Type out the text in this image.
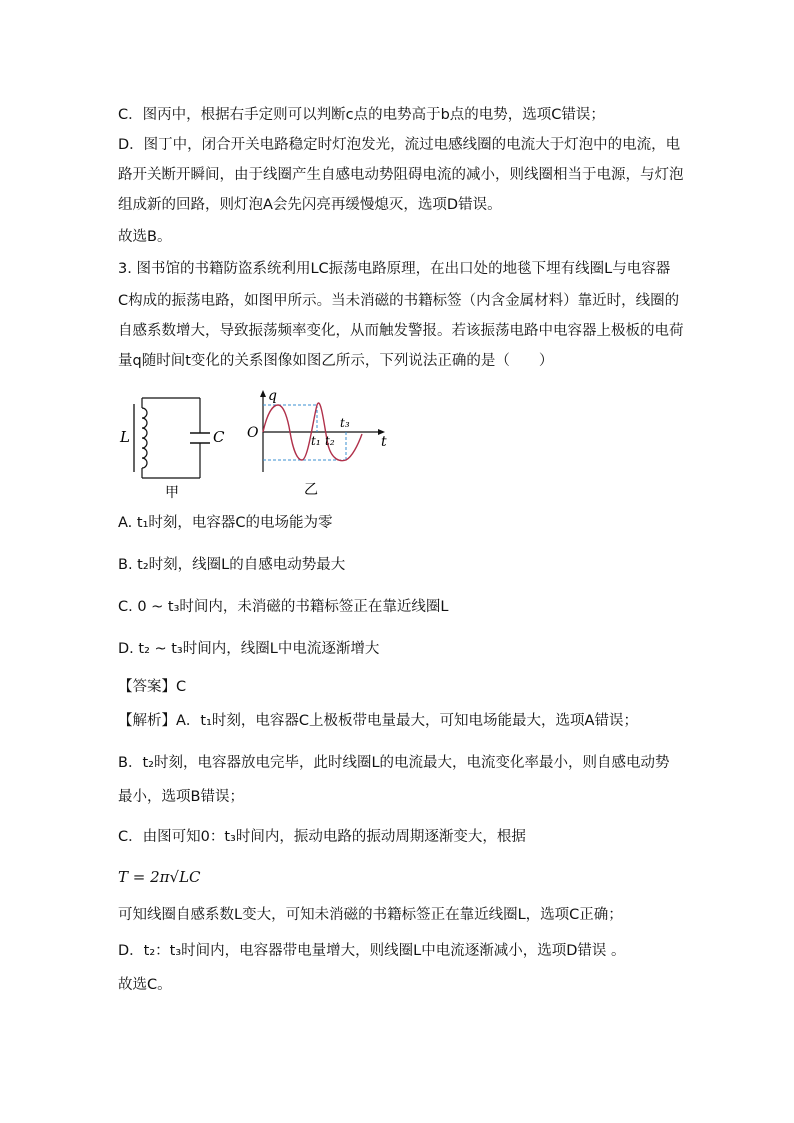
C．图丙中，根据右手定则可以判断c点的电势高于b点的电势，选项C错误；
D．图丁中，闭合开关电路稳定时灯泡发光，流过电感线圈的电流大于灯泡中的电流，电
路开关断开瞬间，由于线圈产生自感电动势阻碍电流的减小，则线圈相当于电源，与灯泡
组成新的回路，则灯泡A会先闪亮再缓慢熄灭，选项D错误。
故选B。
3. 图书馆的书籍防盗系统利用LC振荡电路原理，在出口处的地毯下埋有线圈L与电容器
C构成的振荡电路，如图甲所示。当未消磁的书籍标签（内含金属材料）靠近时，线圈的
自感系数增大，导致振荡频率变化，从而触发警报。若该振荡电路中电容器上极板的电荷
量q随时间t变化的关系图像如图乙所示，下列说法正确的是（　　）
L	C
甲
q
O
t
t₁ t₂
t₃
乙
A. t₁时刻，电容器C的电场能为零
B. t₂时刻，线圈L的自感电动势最大
C. 0 ~ t₃时间内，未消磁的书籍标签正在靠近线圈L
D. t₂ ~ t₃时间内，线圈L中电流逐渐增大
【答案】C
【解析】A．t₁时刻，电容器C上极板带电量最大，可知电场能最大，选项A错误；
B．t₂时刻，电容器放电完毕，此时线圈L的电流最大，电流变化率最小，则自感电动势
最小，选项B错误；
C．由图可知0：t₃时间内，振动电路的振动周期逐渐变大，根据
T = 2π√LC
可知线圈自感系数L变大，可知未消磁的书籍标签正在靠近线圈L，选项C正确；
D．t₂：t₃时间内，电容器带电量增大，则线圈L中电流逐渐减小，选项D错误 。
故选C。
